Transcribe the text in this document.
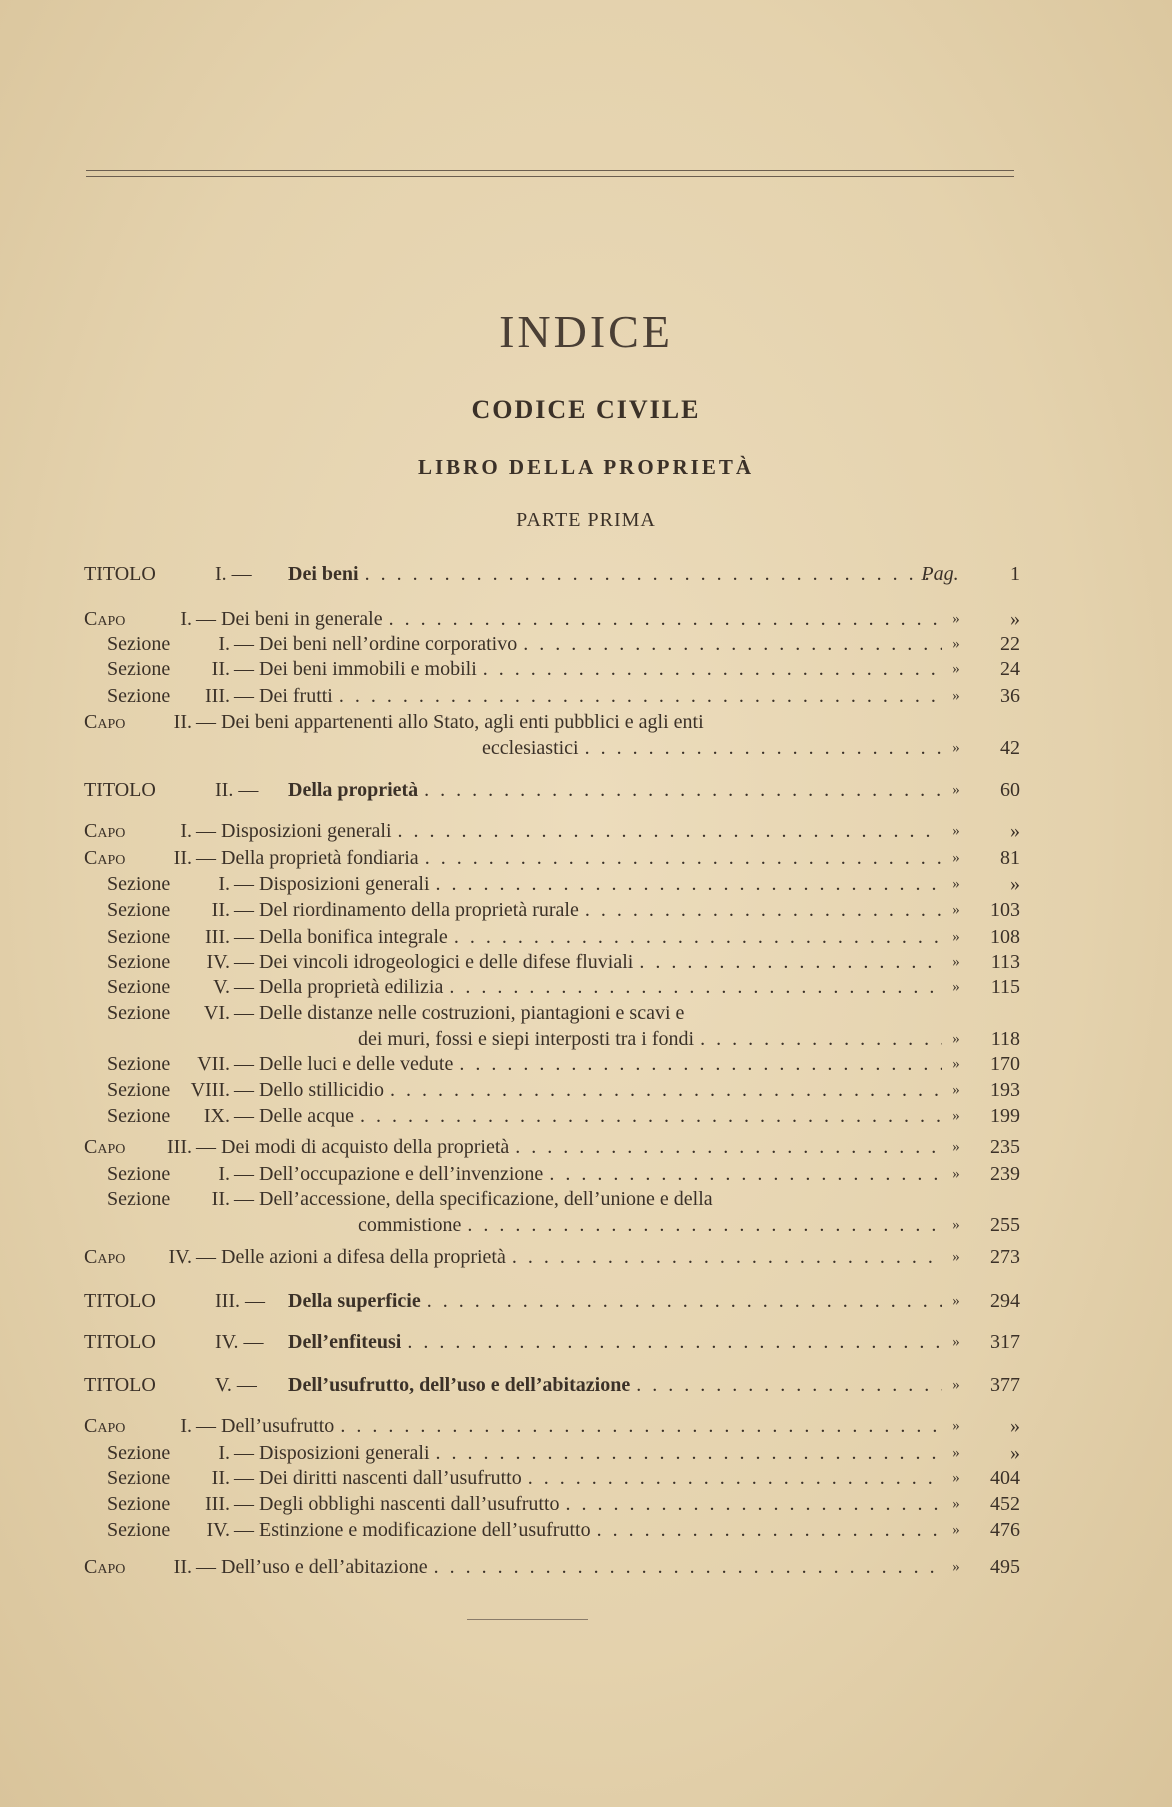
INDICE
CODICE CIVILE
LIBRO DELLA PROPRIETÀ
PARTE PRIMA
TITOLO	I. — Dei beni . . .	Pag.	1
Capo	I. — Dei beni in generale . . .	»	»
Sezione I. — Dei beni nell’ordine corporativo . . .	»	22
Sezione II. — Dei beni immobili e mobili . . .	»	24
Sezione III. — Dei frutti . . .	»	36
Capo II. — Dei beni appartenenti allo Stato, agli enti pubblici e agli enti
ecclesiastici . . .	»	42
TITOLO	II. — Della proprietà . . .	»	60
Capo	I. — Disposizioni generali . . .	»	»
Capo II. — Della proprietà fondiaria . . .	»	81
Sezione I. — Disposizioni generali . . .	»	»
Sezione II. — Del riordinamento della proprietà rurale . . .	»	103
Sezione III. — Della bonifica integrale . . .	»	108
Sezione IV. — Dei vincoli idrogeologici e delle difese fluviali . . .	»	113
Sezione V. — Della proprietà edilizia . . .	»	115
Sezione VI. — Delle distanze nelle costruzioni, piantagioni e scavi e
dei muri, fossi e siepi interposti tra i fondi . . .	»	118
Sezione VII. — Delle luci e delle vedute . . .	»	170
Sezione VIII. — Dello stillicidio . . .	»	193
Sezione IX. — Delle acque . . .	»	199
Capo III. — Dei modi di acquisto della proprietà . . .	»	235
Sezione I. — Dell’occupazione e dell’invenzione . . .	»	239
Sezione II. — Dell’accessione, della specificazione, dell’unione e della
commistione . . .	»	255
Capo IV. — Delle azioni a difesa della proprietà . . .	»	273
TITOLO	III. — Della superficie . . .	»	294
TITOLO	IV. — Dell’enfiteusi . . .	»	317
TITOLO	V. — Dell’usufrutto, dell’uso e dell’abitazione . . .	»	377
Capo	I. — Dell’usufrutto . . .	»	»
Sezione I. — Disposizioni generali . . .	»	»
Sezione II. — Dei diritti nascenti dall’usufrutto . . .	»	404
Sezione III. — Degli obblighi nascenti dall’usufrutto . . .	»	452
Sezione IV. — Estinzione e modificazione dell’usufrutto . . .	»	476
Capo II. — Dell’uso e dell’abitazione . . .	»	495
